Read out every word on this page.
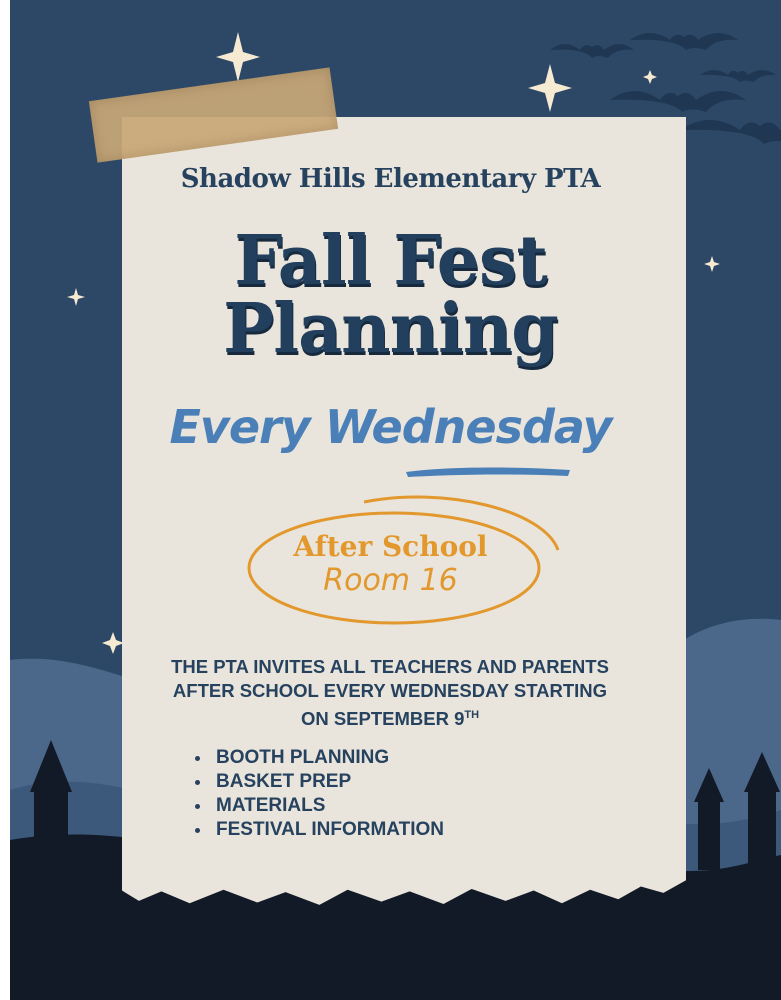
Shadow Hills Elementary PTA
Fall Fest
Planning
Every Wednesday
After School
Room 16
THE PTA INVITES ALL TEACHERS AND PARENTS
AFTER SCHOOL EVERY WEDNESDAY STARTING
ON SEPTEMBER 9TH
• BOOTH PLANNING
• BASKET PREP
• MATERIALS
• FESTIVAL INFORMATION
